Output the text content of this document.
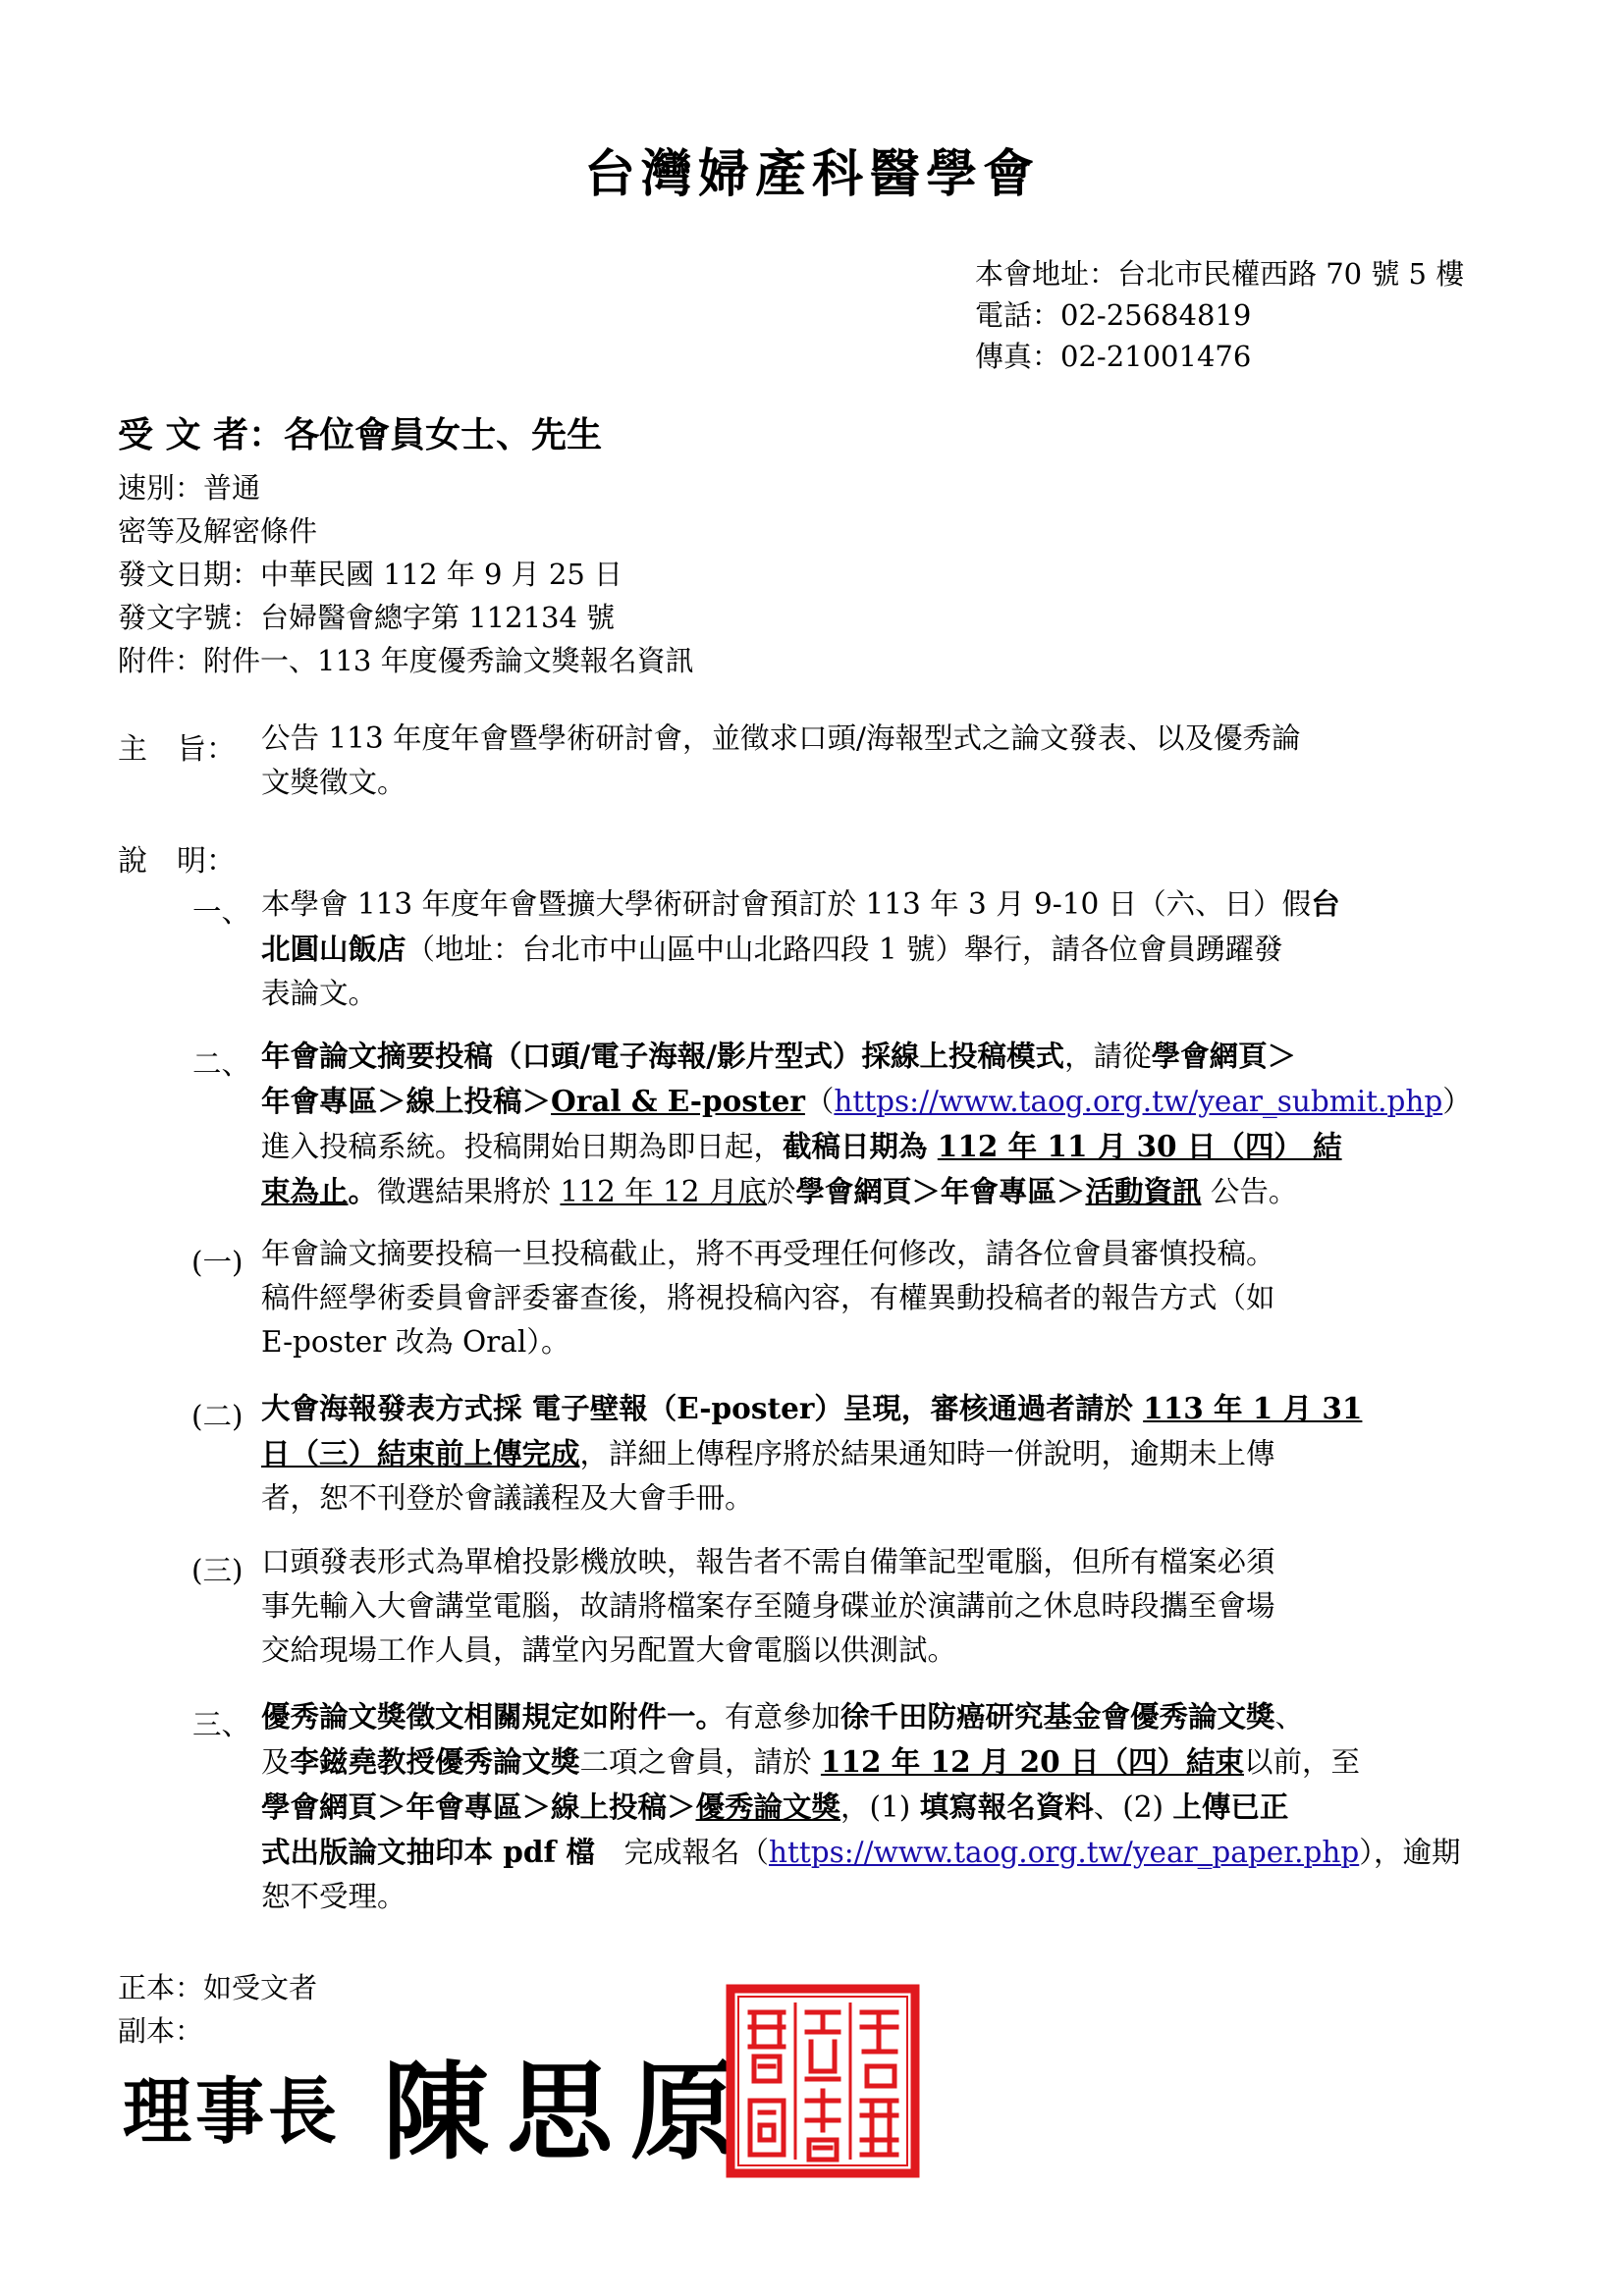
台灣婦產科醫學會
本會地址：台北市民權西路 70 號 5 樓
電話：02-25684819
傳真：02-21001476
受 文 者：各位會員女士、先生
速別：普通
密等及解密條件
發文日期：中華民國 112 年 9 月 25 日
發文字號：台婦醫會總字第 112134 號
附件：附件一、113 年度優秀論文獎報名資訊
主　旨： 公告 113 年度年會暨學術研討會，並徵求口頭/海報型式之論文發表、以及優秀論
文獎徵文。
說　明：
一、 本學會 113 年度年會暨擴大學術研討會預訂於 113 年 3 月 9-10 日（六、日）假台
北圓山飯店（地址：台北市中山區中山北路四段 1 號）舉行，請各位會員踴躍發
表論文。
二、 年會論文摘要投稿（口頭/電子海報/影片型式）採線上投稿模式，請從學會網頁＞
年會專區＞線上投稿＞Oral & E-poster（https://www.taog.org.tw/year_submit.php）
進入投稿系統。投稿開始日期為即日起，截稿日期為 112 年 11 月 30 日（四） 結
束為止。徵選結果將於 112 年 12 月底於學會網頁＞年會專區＞活動資訊 公告。
(一) 年會論文摘要投稿一旦投稿截止，將不再受理任何修改，請各位會員審慎投稿。
稿件經學術委員會評委審查後，將視投稿內容，有權異動投稿者的報告方式（如
E-poster 改為 Oral）。
(二) 大會海報發表方式採 電子壁報（E-poster）呈現，審核通過者請於 113 年 1 月 31
日（三）結束前上傳完成，詳細上傳程序將於結果通知時一併說明，逾期未上傳
者，恕不刊登於會議議程及大會手冊。
(三) 口頭發表形式為單槍投影機放映，報告者不需自備筆記型電腦，但所有檔案必須
事先輸入大會講堂電腦，故請將檔案存至隨身碟並於演講前之休息時段攜至會場
交給現場工作人員，講堂內另配置大會電腦以供測試。
三、 優秀論文獎徵文相關規定如附件一。有意參加徐千田防癌研究基金會優秀論文獎、
及李鎡堯教授優秀論文獎二項之會員，請於 112 年 12 月 20 日（四）結束以前，至
學會網頁＞年會專區＞線上投稿＞優秀論文獎，(1) 填寫報名資料、(2) 上傳已正
式出版論文抽印本 pdf 檔　完成報名（https://www.taog.org.tw/year_paper.php），逾期
恕不受理。
正本：如受文者
副本：
理事長 陳思原
